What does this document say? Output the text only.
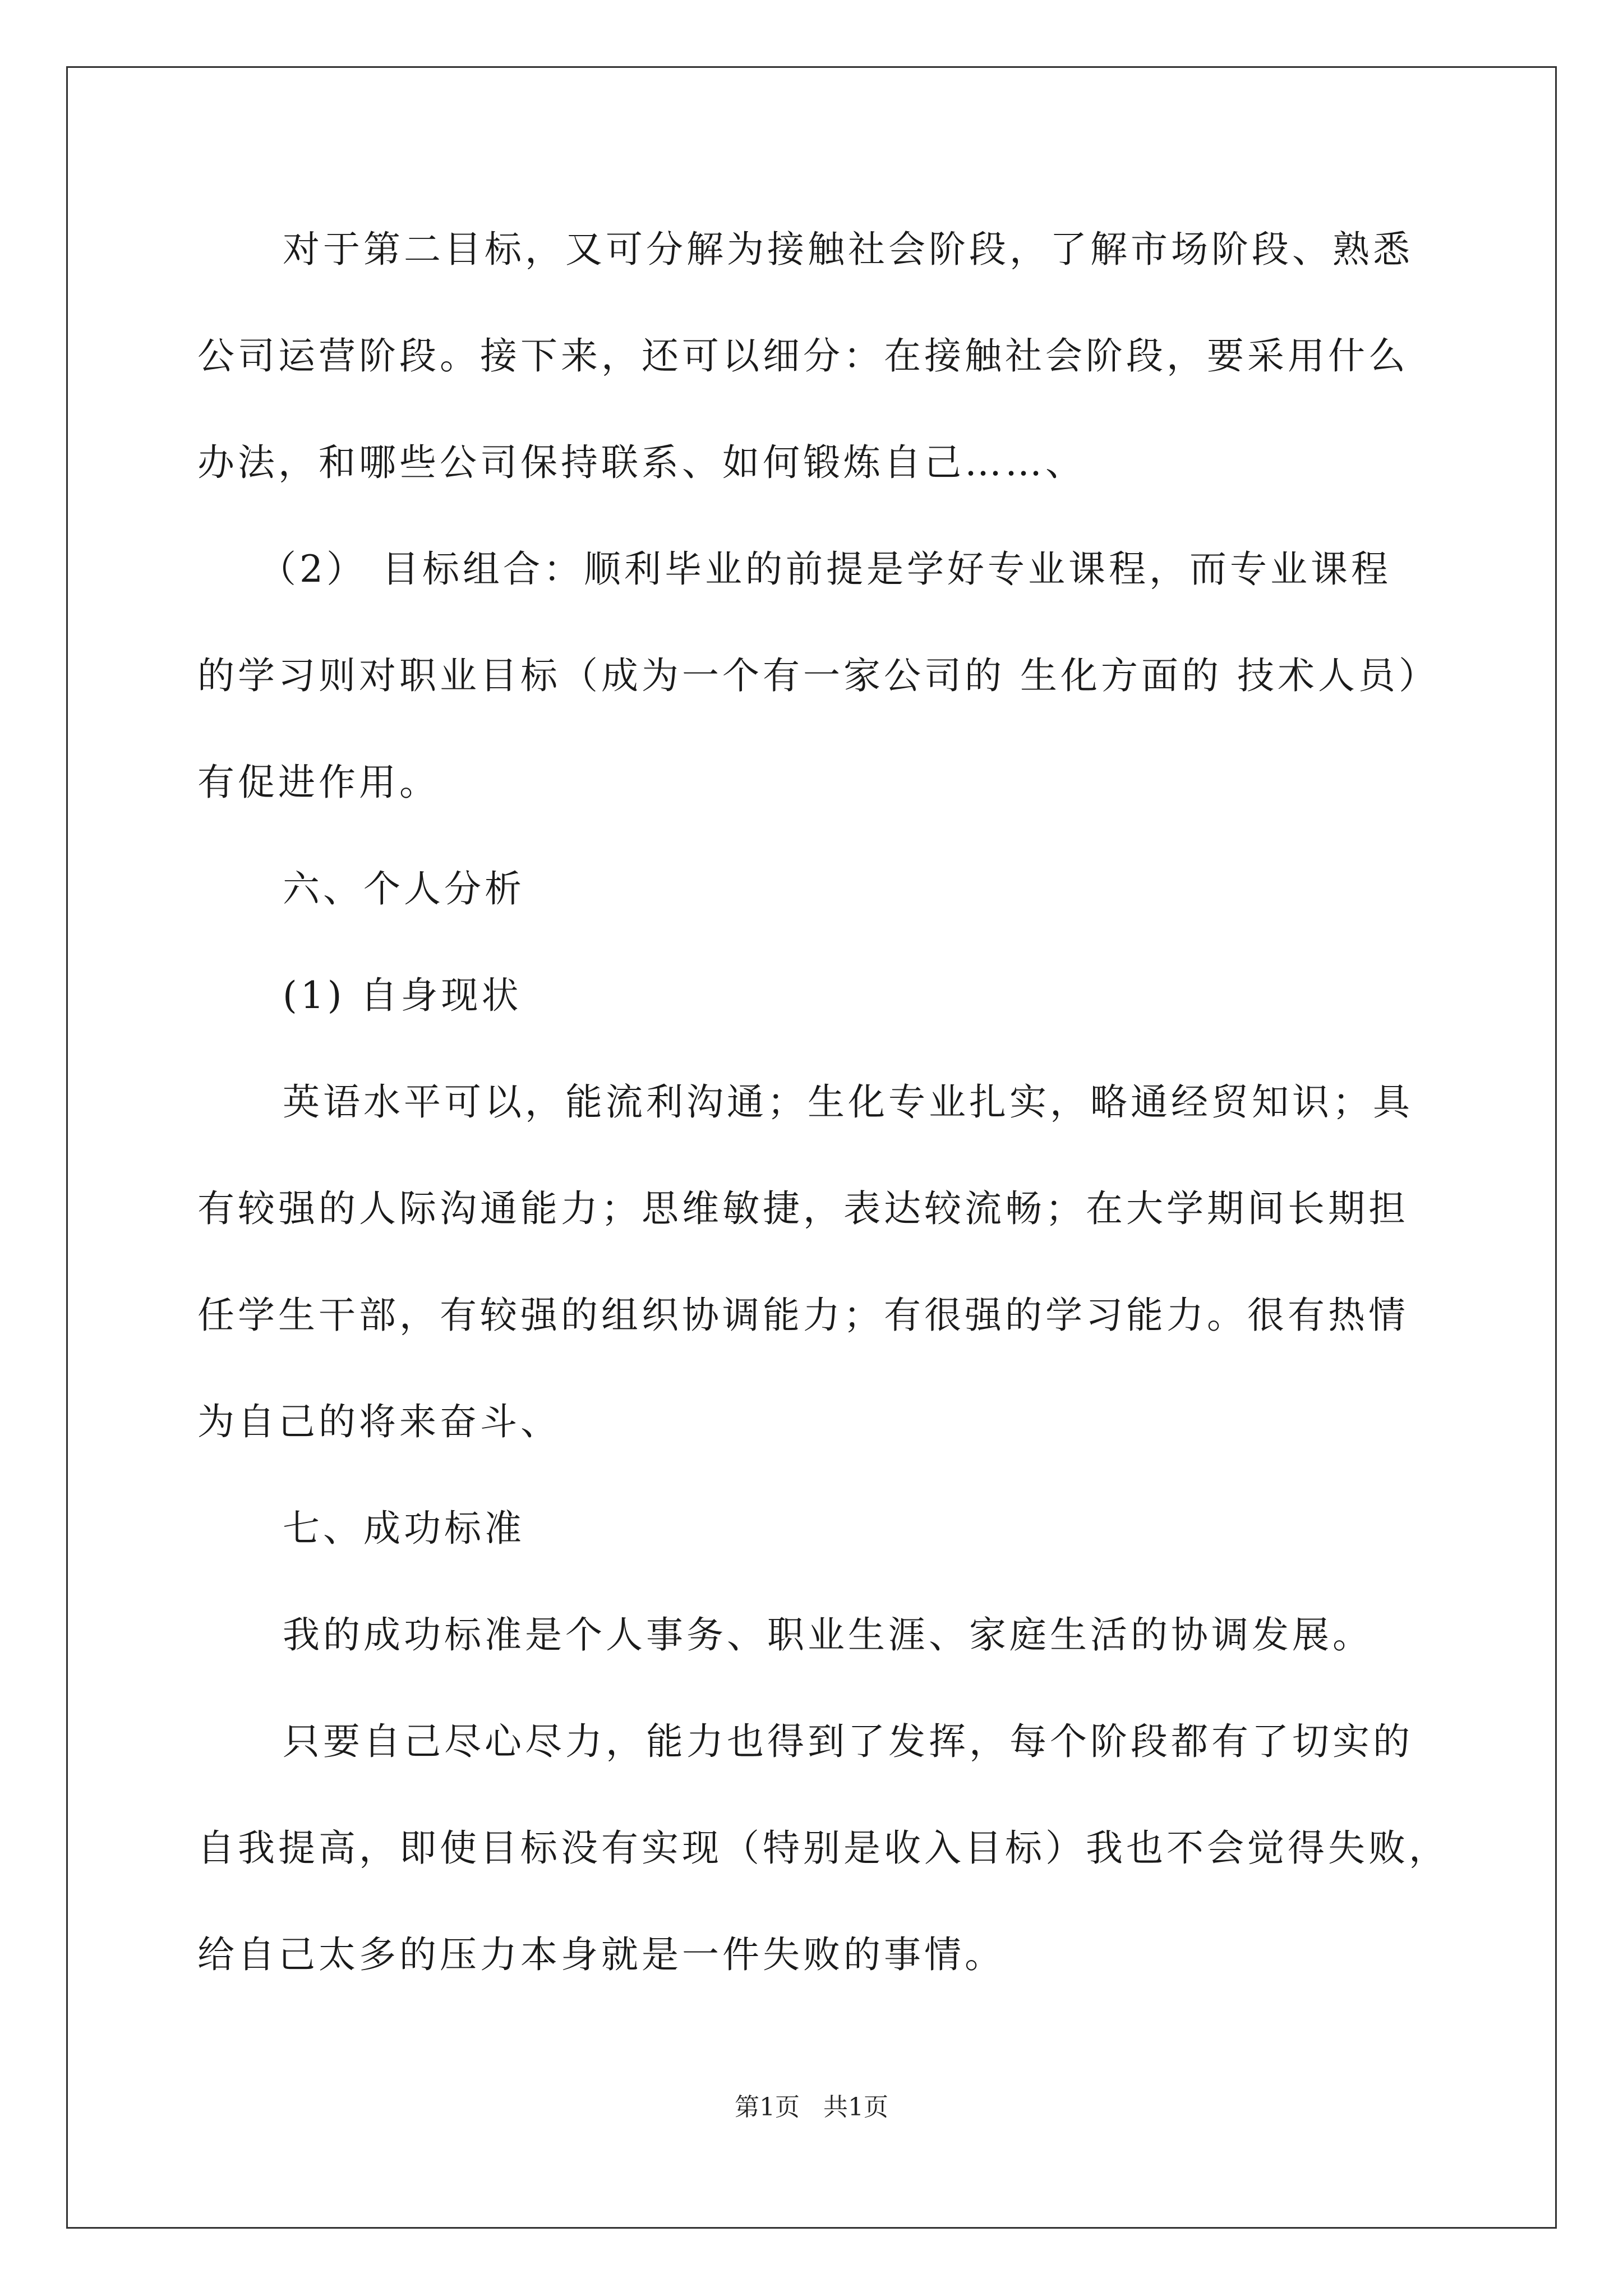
对于第二目标，又可分解为接触社会阶段，了解市场阶段、熟悉
公司运营阶段。接下来，还可以细分：在接触社会阶段，要采用什么
办法，和哪些公司保持联系、如何锻炼自己……、
（2） 目标组合：顺利毕业的前提是学好专业课程，而专业课程
的学习则对职业目标（成为一个有一家公司的 生化方面的 技术人员）
有促进作用。
六、个人分析
(1) 自身现状
英语水平可以，能流利沟通；生化专业扎实，略通经贸知识；具
有较强的人际沟通能力；思维敏捷，表达较流畅；在大学期间长期担
任学生干部，有较强的组织协调能力；有很强的学习能力。很有热情
为自己的将来奋斗、
七、成功标准
我的成功标准是个人事务、职业生涯、家庭生活的协调发展。
只要自己尽心尽力，能力也得到了发挥，每个阶段都有了切实的
自我提高，即使目标没有实现（特别是收入目标）我也不会觉得失败，
给自己太多的压力本身就是一件失败的事情。
第1页   共1页
